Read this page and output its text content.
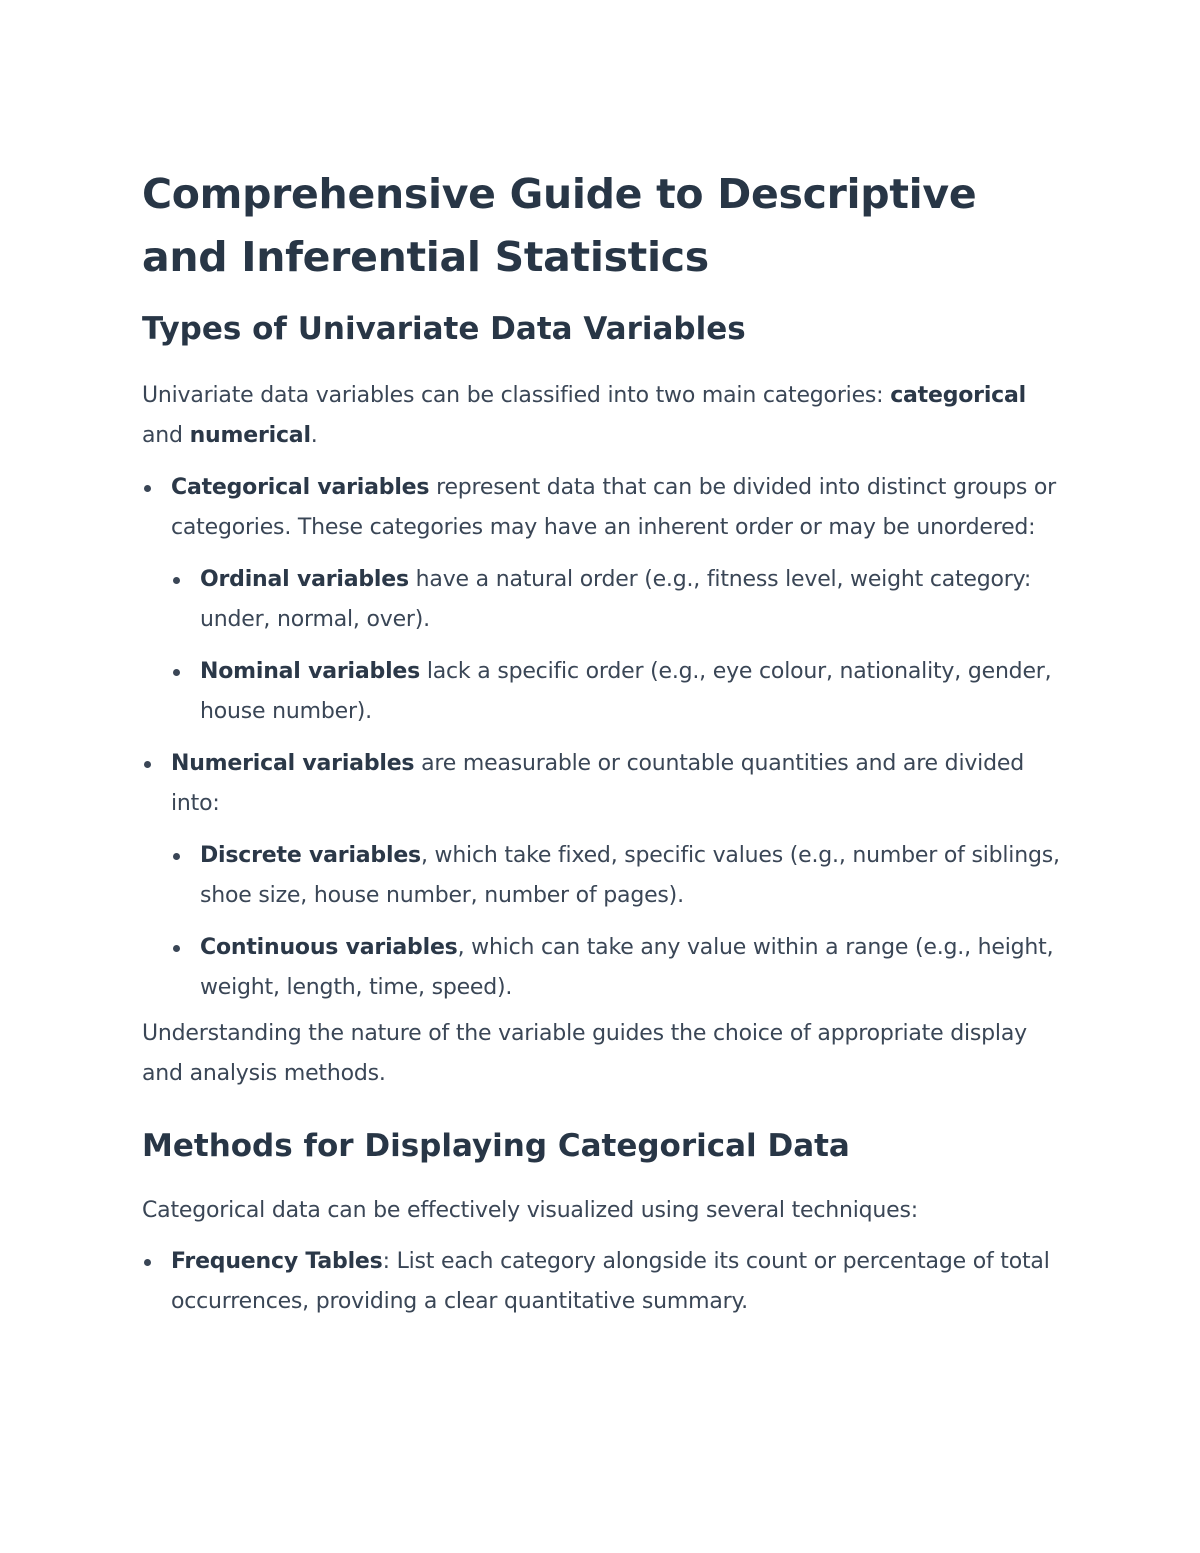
Comprehensive Guide to Descriptive and Inferential Statistics
Types of Univariate Data Variables

Univariate data variables can be classified into two main categories: categorical and numerical.

Categorical variables represent data that can be divided into distinct groups or categories. These categories may have an inherent order or may be unordered:
Ordinal variables have a natural order (e.g., fitness level, weight category: under, normal, over).
Nominal variables lack a specific order (e.g., eye colour, nationality, gender, house number).
Numerical variables are measurable or countable quantities and are divided into:
Discrete variables, which take fixed, specific values (e.g., number of siblings, shoe size, house number, number of pages).
Continuous variables, which can take any value within a range (e.g., height, weight, length, time, speed).

Understanding the nature of the variable guides the choice of appropriate display and analysis methods.

Methods for Displaying Categorical Data

Categorical data can be effectively visualized using several techniques:

Frequency Tables: List each category alongside its count or percentage of total occurrences, providing a clear quantitative summary.
